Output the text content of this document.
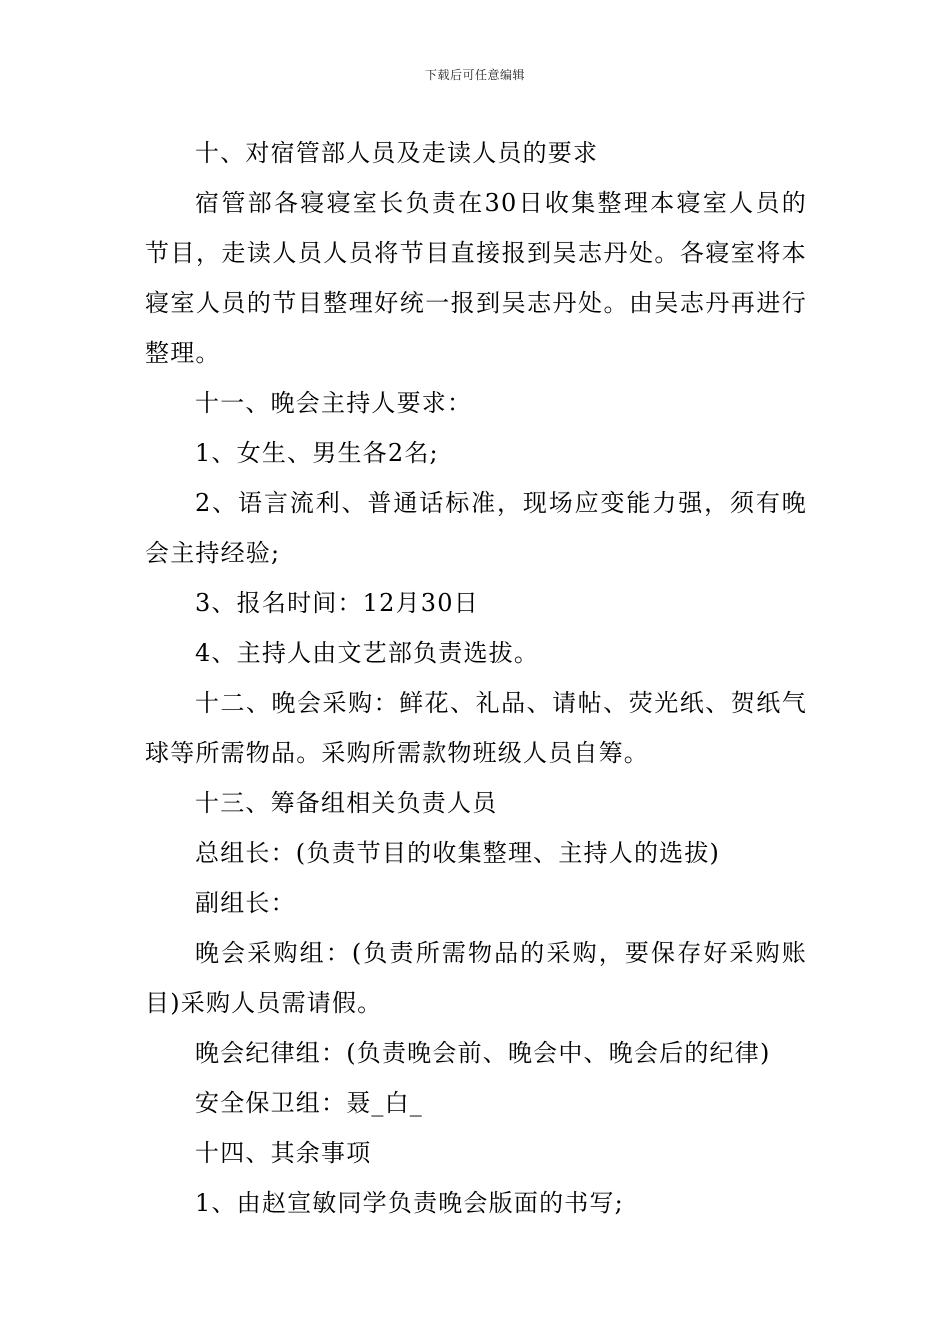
下载后可任意编辑

十、对宿管部人员及走读人员的要求

宿管部各寝寝室长负责在30日收集整理本寝室人员的节目，走读人员人员将节目直接报到吴志丹处。各寝室将本寝室人员的节目整理好统一报到吴志丹处。由吴志丹再进行整理。

十一、晚会主持人要求：

1、女生、男生各2名;

2、语言流利、普通话标准，现场应变能力强，须有晚会主持经验;

3、报名时间：12月30日

4、主持人由文艺部负责选拔。

十二、晚会采购：鲜花、礼品、请帖、荧光纸、贺纸气球等所需物品。采购所需款物班级人员自筹。

十三、筹备组相关负责人员

总组长：(负责节目的收集整理、主持人的选拔)

副组长：

晚会采购组：(负责所需物品的采购，要保存好采购账目)采购人员需请假。

晚会纪律组：(负责晚会前、晚会中、晚会后的纪律)

安全保卫组：聂_白_

十四、其余事项

1、由赵宣敏同学负责晚会版面的书写;
